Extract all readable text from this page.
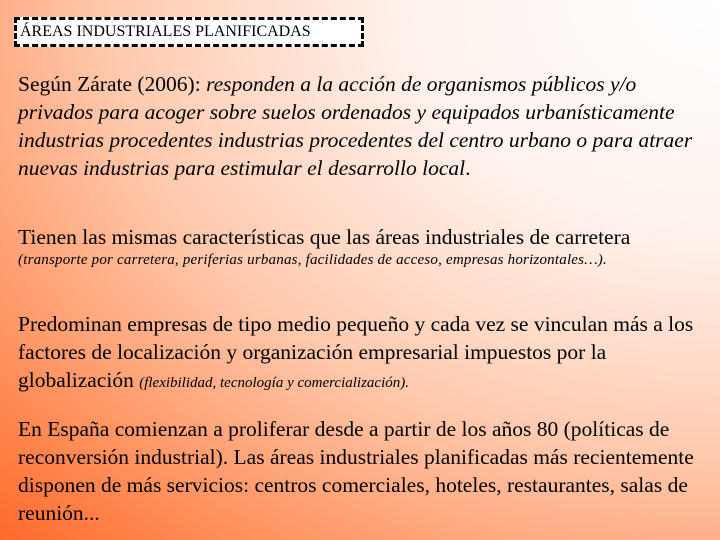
ÁREAS INDUSTRIALES PLANIFICADAS
Según Zárate (2006): responden a la acción de organismos públicos y/o privados para acoger sobre suelos ordenados y equipados urbanísticamente industrias procedentes industrias procedentes del centro urbano o para atraer nuevas industrias para estimular el desarrollo local.
Tienen las mismas características que las áreas industriales de carretera
(transporte por carretera, periferias urbanas, facilidades de acceso, empresas horizontales…).
Predominan empresas de tipo medio pequeño y cada vez se vinculan más a los factores de localización y organización empresarial impuestos por la globalización (flexibilidad, tecnología y comercialización).
En España comienzan a proliferar desde a partir de los años 80 (políticas de reconversión industrial). Las áreas industriales planificadas más recientemente disponen de más servicios: centros comerciales, hoteles, restaurantes, salas de reunión...
